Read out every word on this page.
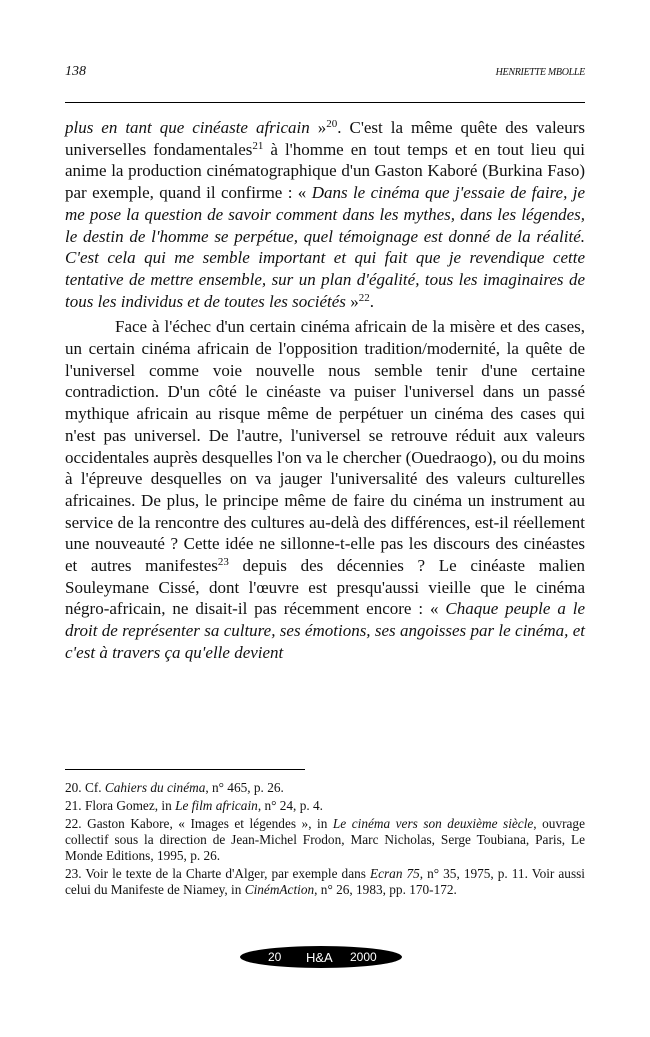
138	HENRIETTE MBOLLE

plus en tant que cinéaste africain »$^{20}$. C'est la même quête des valeurs universelles fondamentales$^{21}$ à l'homme en tout temps et en tout lieu qui anime la production cinématographique d'un Gaston Kaboré (Burkina Faso) par exemple, quand il confirme : « Dans le cinéma que j'essaie de faire, je me pose la question de savoir comment dans les mythes, dans les légendes, le destin de l'homme se perpétue, quel témoignage est donné de la réalité. C'est cela qui me semble important et qui fait que je revendique cette tentative de mettre ensemble, sur un plan d'égalité, tous les imaginaires de tous les individus et de toutes les sociétés »$^{22}$.

Face à l'échec d'un certain cinéma africain de la misère et des cases, un certain cinéma africain de l'opposition tradition/modernité, la quête de l'universel comme voie nouvelle nous semble tenir d'une certaine contradiction. D'un côté le cinéaste va puiser l'universel dans un passé mythique africain au risque même de perpétuer un cinéma des cases qui n'est pas universel. De l'autre, l'universel se retrouve réduit aux valeurs occidentales auprès desquelles l'on va le chercher (Ouedraogo), ou du moins à l'épreuve desquelles on va jauger l'universalité des valeurs culturelles africaines. De plus, le principe même de faire du cinéma un instrument au service de la rencontre des cultures au-delà des différences, est-il réellement une nouveauté ? Cette idée ne sillonne-t-elle pas les discours des cinéastes et autres manifestes$^{23}$ depuis des décennies ? Le cinéaste malien Souleymane Cissé, dont l'œuvre est presqu'aussi vieille que le cinéma négro-africain, ne disait-il pas récemment encore : « Chaque peuple a le droit de représenter sa culture, ses émotions, ses angoisses par le cinéma, et c'est à travers ça qu'elle devient

20. Cf. Cahiers du cinéma, n° 465, p. 26.
21. Flora Gomez, in Le film africain, n° 24, p. 4.
22. Gaston Kabore, « Images et légendes », in Le cinéma vers son deuxième siècle, ouvrage collectif sous la direction de Jean-Michel Frodon, Marc Nicholas, Serge Toubiana, Paris, Le Monde Editions, 1995, p. 26.
23. Voir le texte de la Charte d'Alger, par exemple dans Ecran 75, n° 35, 1975, p. 11. Voir aussi celui du Manifeste de Niamey, in CinémAction, n° 26, 1983, pp. 170-172.
20 H&A 2000
